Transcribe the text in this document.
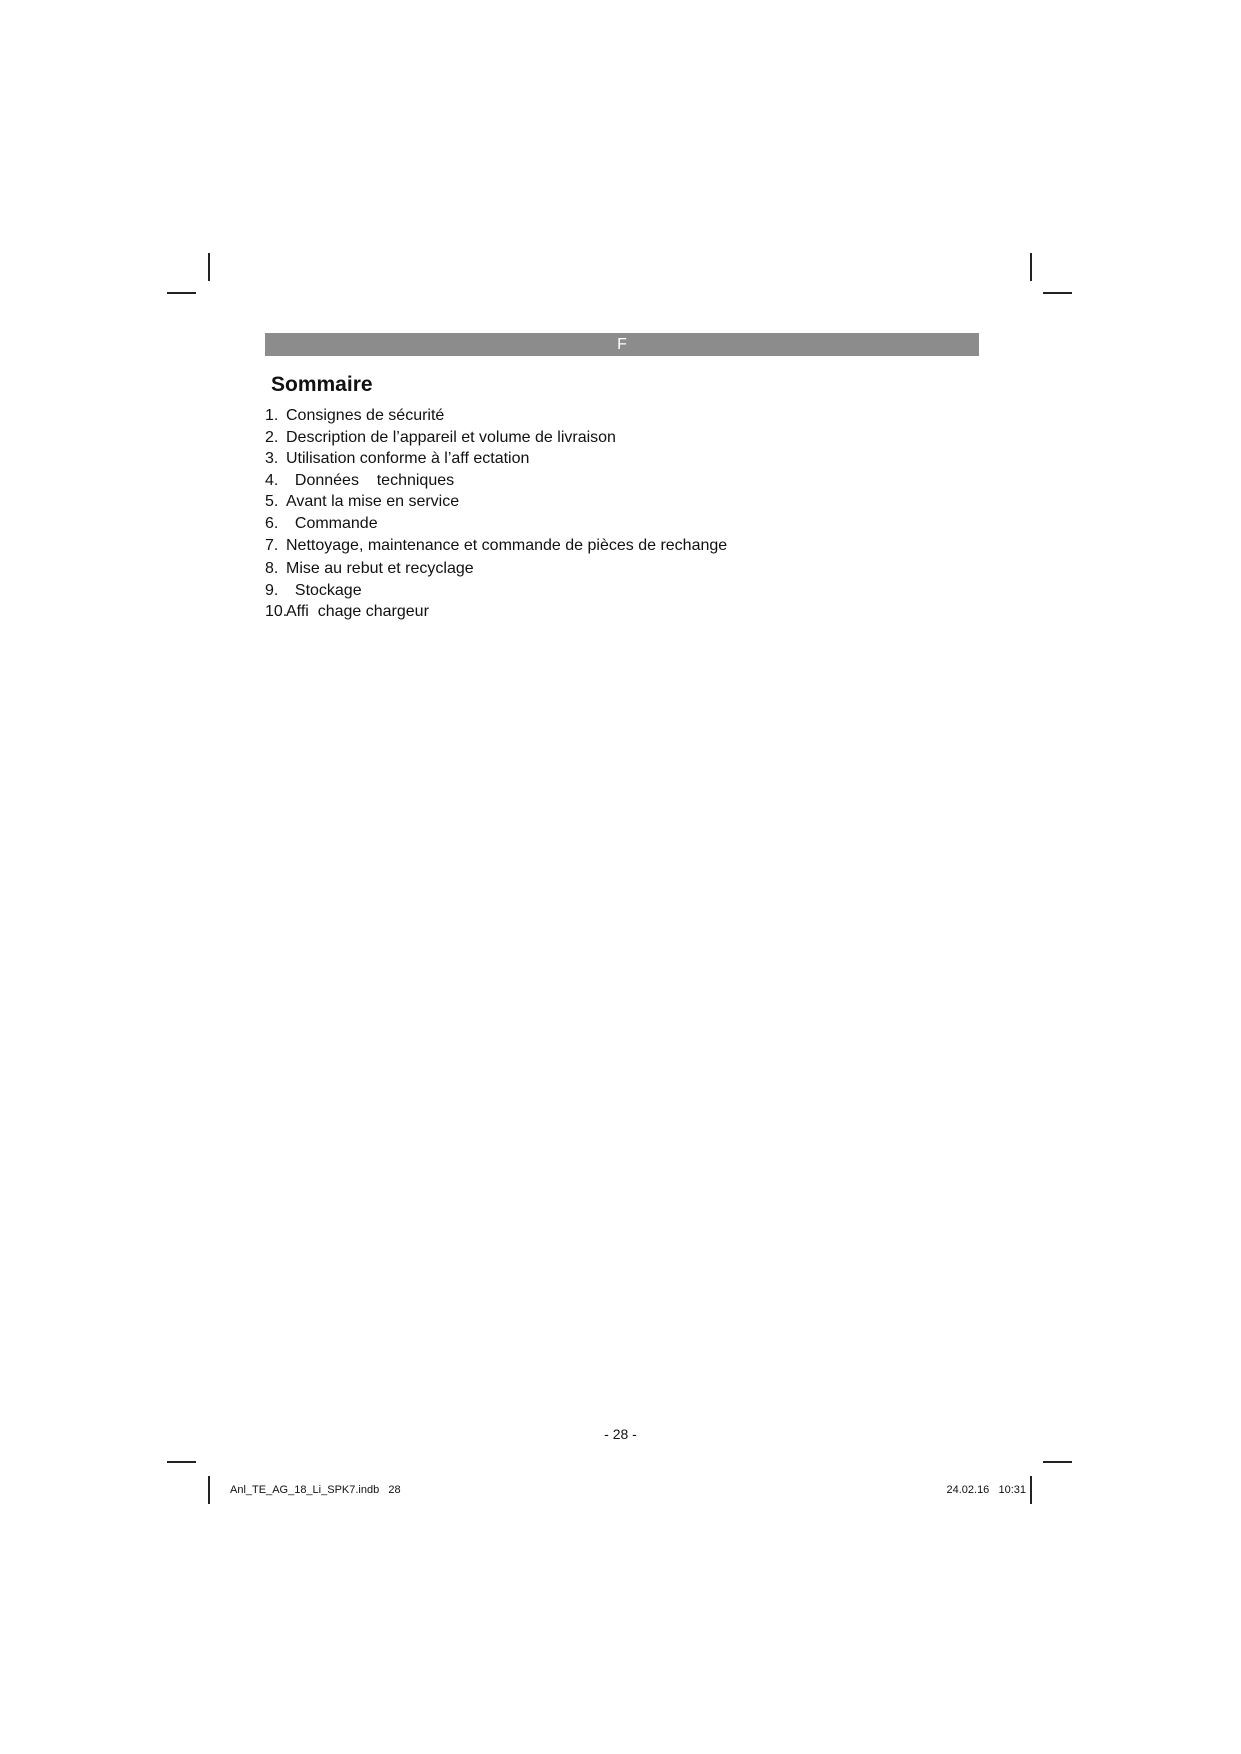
F
Sommaire
1. Consignes de sécurité
2. Description de l’appareil et volume de livraison
3. Utilisation conforme à l’aff ectation
4.  Données    techniques
5. Avant la mise en service
6.  Commande
7. Nettoyage, maintenance et commande de pièces de rechange
8. Mise au rebut et recyclage
9.  Stockage
10.Affi  chage chargeur
- 28 -
Anl_TE_AG_18_Li_SPK7.indb   28	24.02.16   10:31
